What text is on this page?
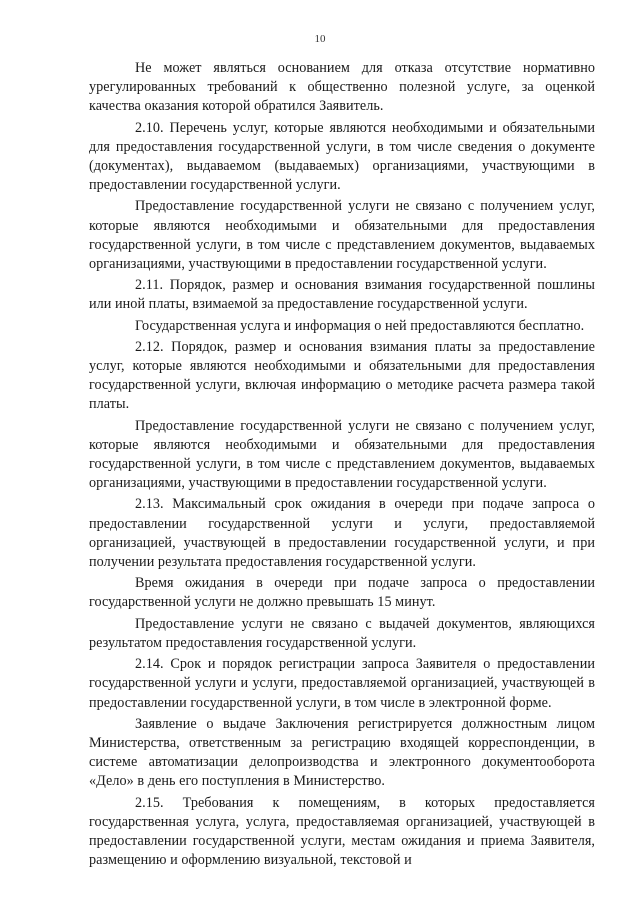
10

Не может являться основанием для отказа отсутствие нормативно урегулированных требований к общественно полезной услуге, за оценкой качества оказания которой обратился Заявитель.

2.10. Перечень услуг, которые являются необходимыми и обязательными для предоставления государственной услуги, в том числе сведения о документе (документах), выдаваемом (выдаваемых) организациями, участвующими в предоставлении государственной услуги.

Предоставление государственной услуги не связано с получением услуг, которые являются необходимыми и обязательными для предоставления государственной услуги, в том числе с представлением документов, выдаваемых организациями, участвующими в предоставлении государственной услуги.

2.11. Порядок, размер и основания взимания государственной пошлины или иной платы, взимаемой за предоставление государственной услуги.

Государственная услуга и информация о ней предоставляются бесплатно.

2.12. Порядок, размер и основания взимания платы за предоставление услуг, которые являются необходимыми и обязательными для предоставления государственной услуги, включая информацию о методике расчета размера такой платы.

Предоставление государственной услуги не связано с получением услуг, которые являются необходимыми и обязательными для предоставления государственной услуги, в том числе с представлением документов, выдаваемых организациями, участвующими в предоставлении государственной услуги.

2.13. Максимальный срок ожидания в очереди при подаче запроса о предоставлении государственной услуги и услуги, предоставляемой организацией, участвующей в предоставлении государственной услуги, и при получении результата предоставления государственной услуги.

Время ожидания в очереди при подаче запроса о предоставлении государственной услуги не должно превышать 15 минут.

Предоставление услуги не связано с выдачей документов, являющихся результатом предоставления государственной услуги.

2.14. Срок и порядок регистрации запроса Заявителя о предоставлении государственной услуги и услуги, предоставляемой организацией, участвующей в предоставлении государственной услуги, в том числе в электронной форме.

Заявление о выдаче Заключения регистрируется должностным лицом Министерства, ответственным за регистрацию входящей корреспонденции, в системе автоматизации делопроизводства и электронного документооборота «Дело» в день его поступления в Министерство.

2.15. Требования к помещениям, в которых предоставляется государственная услуга, услуга, предоставляемая организацией, участвующей в предоставлении государственной услуги, местам ожидания и приема Заявителя, размещению и оформлению визуальной, текстовой и
